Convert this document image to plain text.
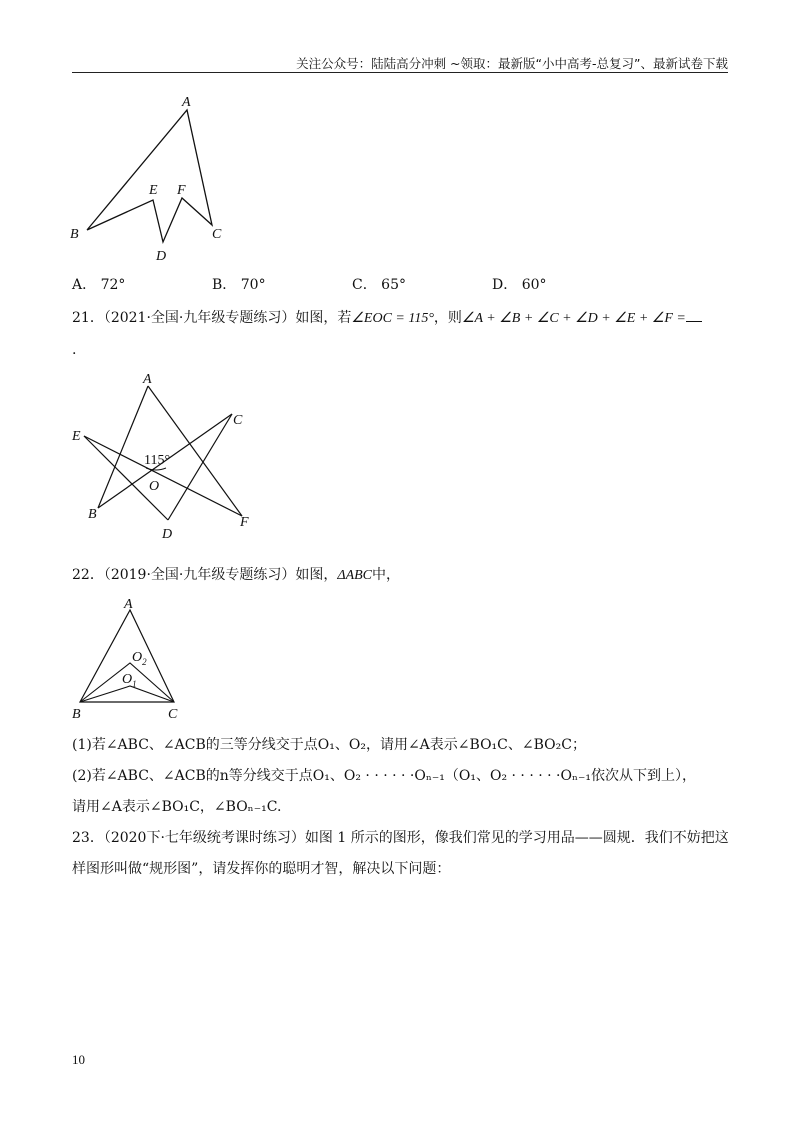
关注公众号：陆陆高分冲刺 ~领取：最新版“小中高考-总复习”、最新试卷下载
A
B	C
D
E F
A． 72°	B． 70°	C． 65°	D． 60°
21．（2021·全国·九年级专题练习）如图，若∠EOC = 115°，则∠A + ∠B + ∠C + ∠D + ∠E + ∠F =
.
A
B
C
D
E
F
O
115°
22．（2019·全国·九年级专题练习）如图，ΔABC中，
A
B	C
$O_2$
$O_1$
(1)若∠ABC、∠ACB的三等分线交于点O₁、O₂，请用∠A表示∠BO₁C、∠BO₂C；
(2)若∠ABC、∠ACB的n等分线交于点O₁、O₂ · · · · · ·Oₙ₋₁（O₁、O₂ · · · · · ·Oₙ₋₁依次从下到上），
请用∠A表示∠BO₁C，∠BOₙ₋₁C.
23．（2020下·七年级统考课时练习）如图 1 所示的图形，像我们常见的学习用品——圆规．我们不妨把这
样图形叫做“规形图”，请发挥你的聪明才智，解决以下问题：
10
